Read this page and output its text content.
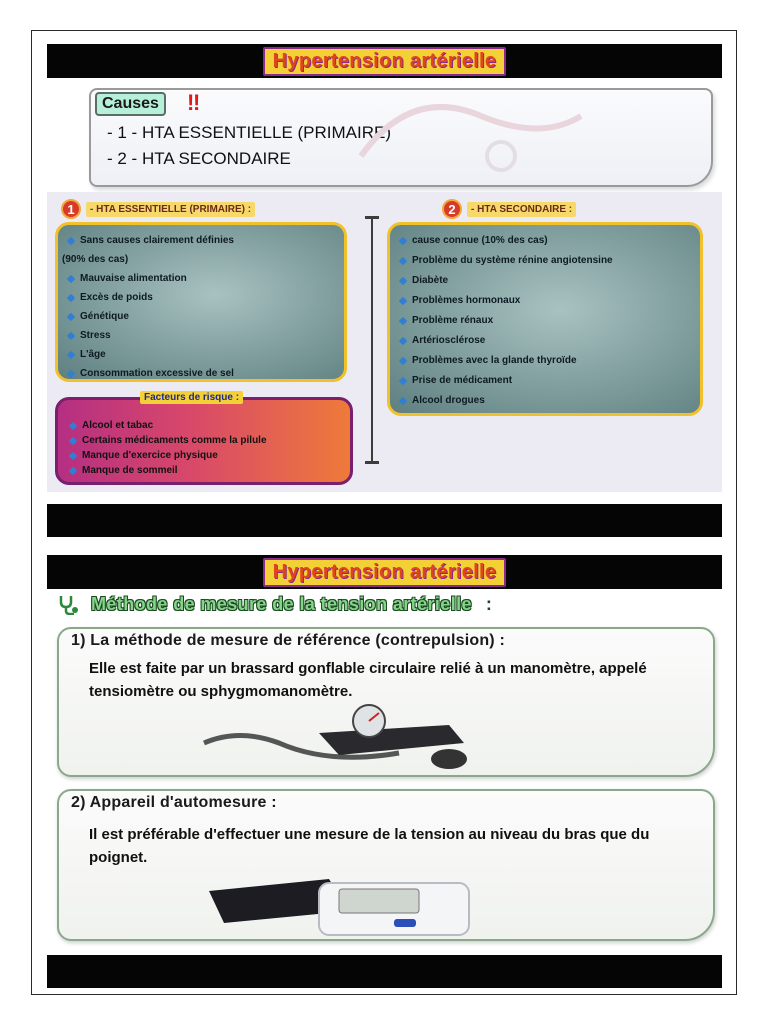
Hypertension artérielle
Causes	‼
- 1 - HTA ESSENTIELLE (PRIMAIRE)
- 2 - HTA SECONDAIRE
1	- HTA ESSENTIELLE (PRIMAIRE) :	2	- HTA SECONDAIRE :
Sans causes clairement définies
(90% des cas)
Mauvaise alimentation
Excès de poids
Génétique
Stress
L'âge
Consommation excessive de sel
Facteurs de risque :
Alcool et tabac
Certains médicaments comme la pilule
Manque d'exercice physique
Manque de sommeil
cause connue (10% des cas)
Problème du système rénine angiotensine
Diabète
Problèmes hormonaux
Problème rénaux
Artériosclérose
Problèmes avec la glande thyroïde
Prise de médicament
Alcool drogues
Hypertension artérielle
Méthode de mesure de la tension artérielle :
1) La méthode de mesure de référence (contrepulsion) :
Elle est faite par un brassard gonflable circulaire relié à un manomètre, appelé tensiomètre ou sphygmomanomètre.
2) Appareil d'automesure :
Il est préférable d'effectuer une mesure de la tension au niveau du bras que du poignet.
